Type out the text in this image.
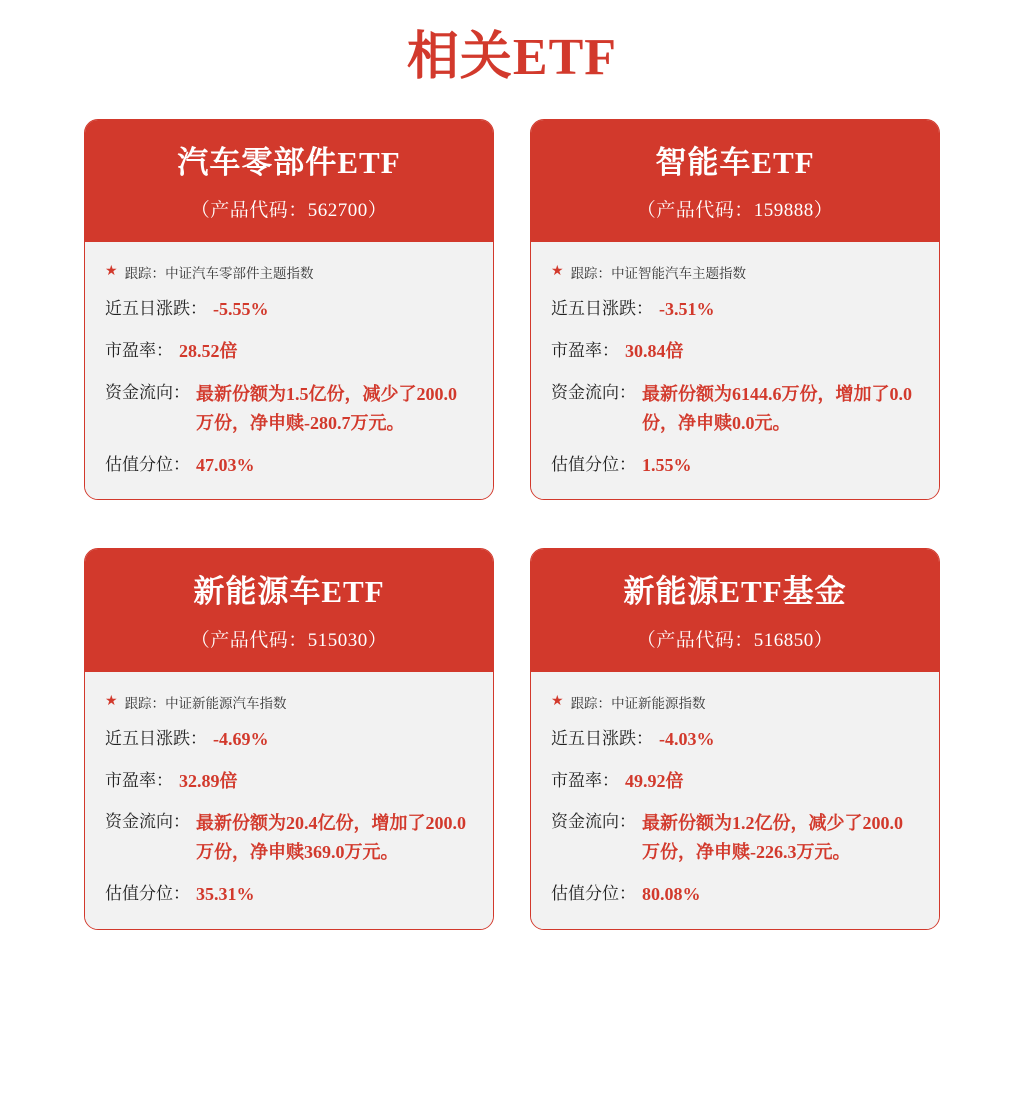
相关ETF
汽车零部件ETF
（产品代码：562700）
★ 跟踪：中证汽车零部件主题指数
近五日涨跌： -5.55%
市盈率： 28.52倍
资金流向： 最新份额为1.5亿份，减少了200.0万份，净申赎-280.7万元。
估值分位： 47.03%
智能车ETF
（产品代码：159888）
★ 跟踪：中证智能汽车主题指数
近五日涨跌： -3.51%
市盈率： 30.84倍
资金流向： 最新份额为6144.6万份，增加了0.0份，净申赎0.0元。
估值分位： 1.55%
新能源车ETF
（产品代码：515030）
★ 跟踪：中证新能源汽车指数
近五日涨跌： -4.69%
市盈率： 32.89倍
资金流向： 最新份额为20.4亿份，增加了200.0万份，净申赎369.0万元。
估值分位： 35.31%
新能源ETF基金
（产品代码：516850）
★ 跟踪：中证新能源指数
近五日涨跌： -4.03%
市盈率： 49.92倍
资金流向： 最新份额为1.2亿份，减少了200.0万份，净申赎-226.3万元。
估值分位： 80.08%
